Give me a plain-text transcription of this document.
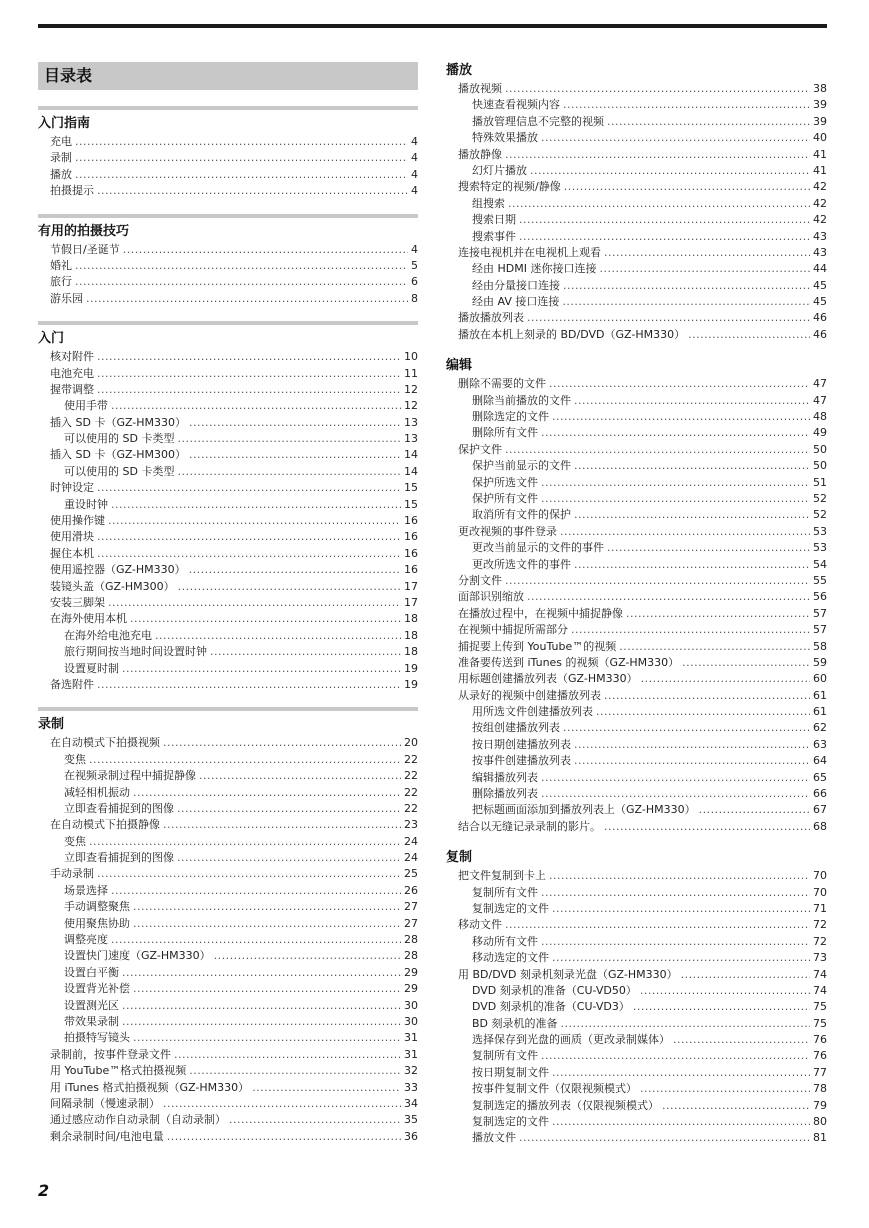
目录表
入门指南
充电 .....	4
录制 .....	4
播放 .....	4
拍摄提示 .....	4
有用的拍摄技巧
节假日/圣诞节 .....	4
婚礼 .....	5
旅行 .....	6
游乐园 .....	8
入门
核对附件 .....	10
电池充电 .....	11
握带调整 .....	12
使用手带 .....	12
插入 SD 卡（GZ-HM330） .....	13
可以使用的 SD 卡类型 .....	13
插入 SD 卡（GZ-HM300） .....	14
可以使用的 SD 卡类型 .....	14
时钟设定 .....	15
重设时钟 .....	15
使用操作键 .....	16
使用滑块 .....	16
握住本机 .....	16
使用遥控器（GZ-HM330） .....	16
装镜头盖（GZ-HM300） .....	17
安装三脚架 .....	17
在海外使用本机 .....	18
在海外给电池充电 .....	18
旅行期间按当地时间设置时钟 .....	18
设置夏时制 .....	19
备选附件 .....	19
录制
在自动模式下拍摄视频 .....	20
变焦 .....	22
在视频录制过程中捕捉静像 .....	22
减轻相机振动 .....	22
立即查看捕捉到的图像 .....	22
在自动模式下拍摄静像 .....	23
变焦 .....	24
立即查看捕捉到的图像 .....	24
手动录制 .....	25
场景选择 .....	26
手动调整聚焦 .....	27
使用聚焦协助 .....	27
调整亮度 .....	28
设置快门速度（GZ-HM330） .....	28
设置白平衡 .....	29
设置背光补偿 .....	29
设置测光区 .....	30
带效果录制 .....	30
拍摄特写镜头 .....	31
录制前，按事件登录文件 .....	31
用 YouTube™格式拍摄视频 .....	32
用 iTunes 格式拍摄视频（GZ-HM330） .....	33
间隔录制（慢速录制） .....	34
通过感应动作自动录制（自动录制） .....	35
剩余录制时间/电池电量 .....	36
播放
播放视频 .....	38
快速查看视频内容 .....	39
播放管理信息不完整的视频 .....	39
特殊效果播放 .....	40
播放静像 .....	41
幻灯片播放 .....	41
搜索特定的视频/静像 .....	42
组搜索 .....	42
搜索日期 .....	42
搜索事件 .....	43
连接电视机并在电视机上观看 .....	43
经由 HDMI 迷你接口连接 .....	44
经由分量接口连接 .....	45
经由 AV 接口连接 .....	45
播放播放列表 .....	46
播放在本机上刻录的 BD/DVD（GZ-HM330） .....	46
编辑
删除不需要的文件 .....	47
删除当前播放的文件 .....	47
删除选定的文件 .....	48
删除所有文件 .....	49
保护文件 .....	50
保护当前显示的文件 .....	50
保护所选文件 .....	51
保护所有文件 .....	52
取消所有文件的保护 .....	52
更改视频的事件登录 .....	53
更改当前显示的文件的事件 .....	53
更改所选文件的事件 .....	54
分割文件 .....	55
面部识别缩放 .....	56
在播放过程中，在视频中捕捉静像 .....	57
在视频中捕捉所需部分 .....	57
捕捉要上传到 YouTube™的视频 .....	58
准备要传送到 iTunes 的视频（GZ-HM330） .....	59
用标题创建播放列表（GZ-HM330） .....	60
从录好的视频中创建播放列表 .....	61
用所选文件创建播放列表 .....	61
按组创建播放列表 .....	62
按日期创建播放列表 .....	63
按事件创建播放列表 .....	64
编辑播放列表 .....	65
删除播放列表 .....	66
把标题画面添加到播放列表上（GZ-HM330） .....	67
结合以无缝记录录制的影片。 .....	68
复制
把文件复制到卡上 .....	70
复制所有文件 .....	70
复制选定的文件 .....	71
移动文件 .....	72
移动所有文件 .....	72
移动选定的文件 .....	73
用 BD/DVD 刻录机刻录光盘（GZ-HM330） .....	74
DVD 刻录机的准备（CU-VD50） .....	74
DVD 刻录机的准备（CU-VD3） .....	75
BD 刻录机的准备 .....	75
选择保存到光盘的画质（更改录制媒体） .....	76
复制所有文件 .....	76
按日期复制文件 .....	77
按事件复制文件（仅限视频模式） .....	78
复制选定的播放列表（仅限视频模式） .....	79
复制选定的文件 .....	80
播放文件 .....	81
2
